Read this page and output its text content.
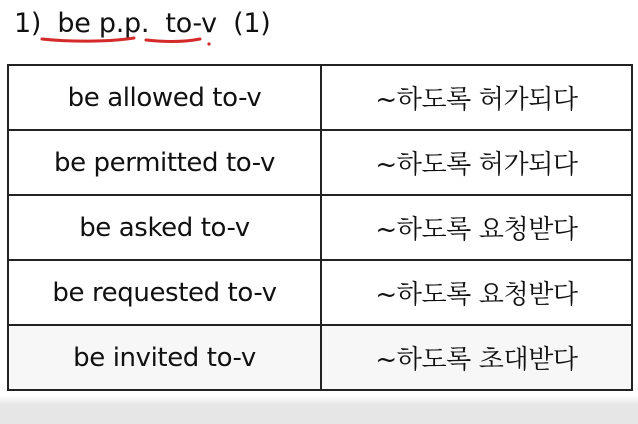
1) be p.p. to-v (1)
be allowed to-v	~하도록 허가되다
be permitted to-v	~하도록 허가되다
be asked to-v	~하도록 요청받다
be requested to-v	~하도록 요청받다
be invited to-v	~하도록 초대받다
